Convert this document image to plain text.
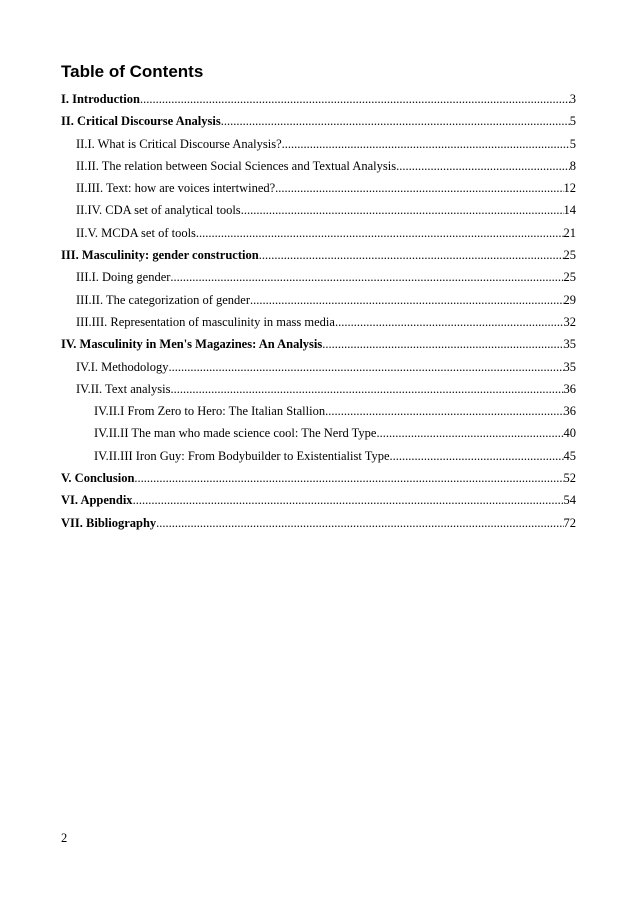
Table of Contents
I. Introduction .....	3
II. Critical Discourse Analysis .....	5
II.I. What is Critical Discourse Analysis? .....	5
II.II. The relation between Social Sciences and Textual Analysis .....	8
II.III. Text: how are voices intertwined? .....	12
II.IV. CDA set of analytical tools .....	14
II.V. MCDA set of tools .....	21
III. Masculinity: gender construction .....	25
III.I. Doing gender .....	25
III.II. The categorization of gender .....	29
III.III. Representation of masculinity in mass media .....	32
IV. Masculinity in Men's Magazines: An Analysis .....	35
IV.I. Methodology .....	35
IV.II. Text analysis .....	36
IV.II.I From Zero to Hero: The Italian Stallion .....	36
IV.II.II The man who made science cool: The Nerd Type .....	40
IV.II.III Iron Guy: From Bodybuilder to Existentialist Type .....	45
V. Conclusion .....	52
VI. Appendix .....	54
VII. Bibliography .....	72
2
